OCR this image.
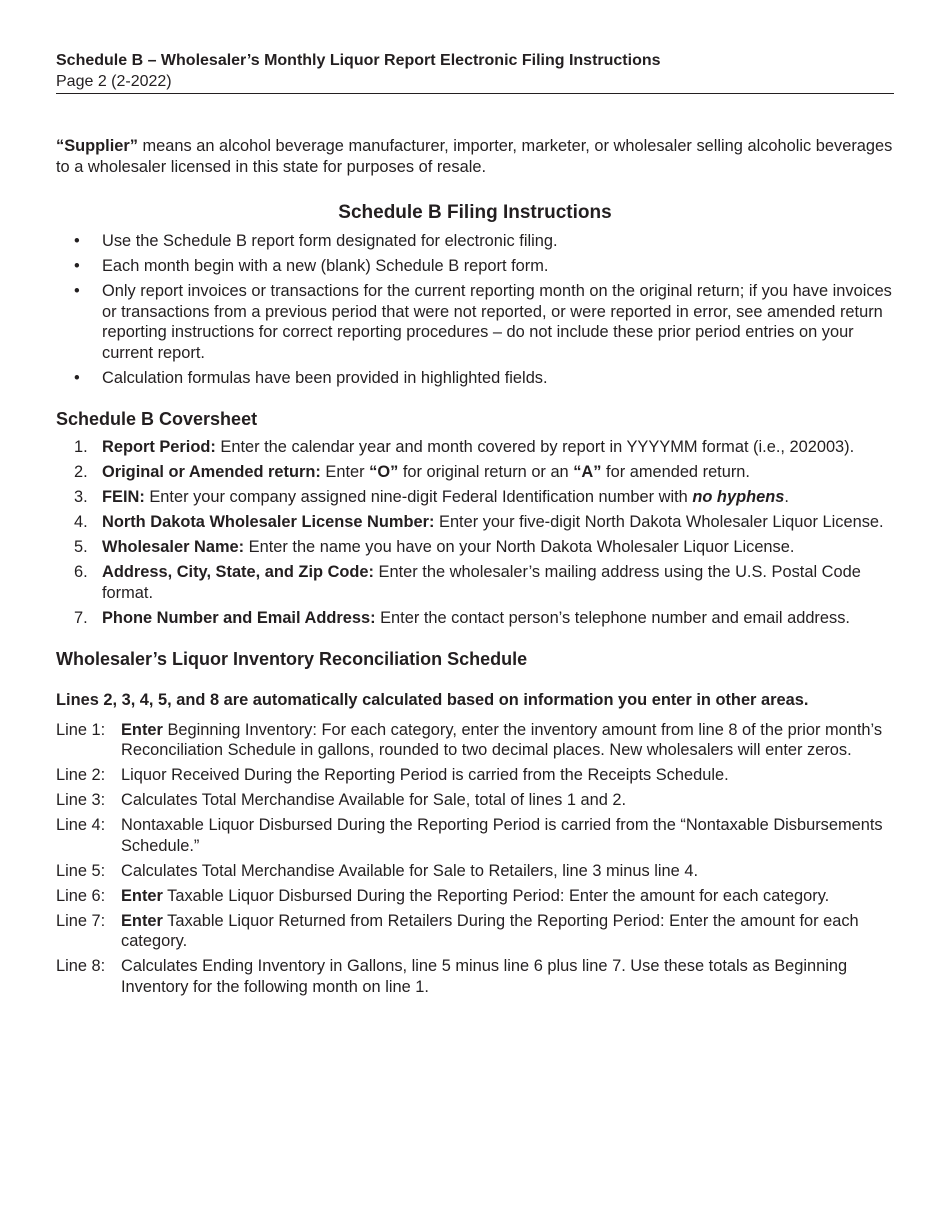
Schedule B – Wholesaler’s Monthly Liquor Report Electronic Filing Instructions
Page 2 (2-2022)
“Supplier” means an alcohol beverage manufacturer, importer, marketer, or wholesaler selling alcoholic beverages to a wholesaler licensed in this state for purposes of resale.
Schedule B Filing Instructions
• Use the Schedule B report form designated for electronic filing.
• Each month begin with a new (blank) Schedule B report form.
• Only report invoices or transactions for the current reporting month on the original return; if you have invoices or transactions from a previous period that were not reported, or were reported in error, see amended return reporting instructions for correct reporting procedures – do not include these prior period entries on your current report.
• Calculation formulas have been provided in highlighted fields.
Schedule B Coversheet
1. Report Period: Enter the calendar year and month covered by report in YYYYMM format (i.e., 202003).
2. Original or Amended return: Enter “O” for original return or an “A” for amended return.
3. FEIN: Enter your company assigned nine-digit Federal Identification number with no hyphens.
4. North Dakota Wholesaler License Number: Enter your five-digit North Dakota Wholesaler Liquor License.
5. Wholesaler Name: Enter the name you have on your North Dakota Wholesaler Liquor License.
6. Address, City, State, and Zip Code: Enter the wholesaler’s mailing address using the U.S. Postal Code format.
7. Phone Number and Email Address: Enter the contact person’s telephone number and email address.
Wholesaler’s Liquor Inventory Reconciliation Schedule
Lines 2, 3, 4, 5, and 8 are automatically calculated based on information you enter in other areas.
Line 1: Enter Beginning Inventory: For each category, enter the inventory amount from line 8 of the prior month’s Reconciliation Schedule in gallons, rounded to two decimal places. New wholesalers will enter zeros.
Line 2: Liquor Received During the Reporting Period is carried from the Receipts Schedule.
Line 3: Calculates Total Merchandise Available for Sale, total of lines 1 and 2.
Line 4: Nontaxable Liquor Disbursed During the Reporting Period is carried from the “Nontaxable Disbursements Schedule.”
Line 5: Calculates Total Merchandise Available for Sale to Retailers, line 3 minus line 4.
Line 6: Enter Taxable Liquor Disbursed During the Reporting Period: Enter the amount for each category.
Line 7: Enter Taxable Liquor Returned from Retailers During the Reporting Period: Enter the amount for each category.
Line 8: Calculates Ending Inventory in Gallons, line 5 minus line 6 plus line 7. Use these totals as Beginning Inventory for the following month on line 1.
